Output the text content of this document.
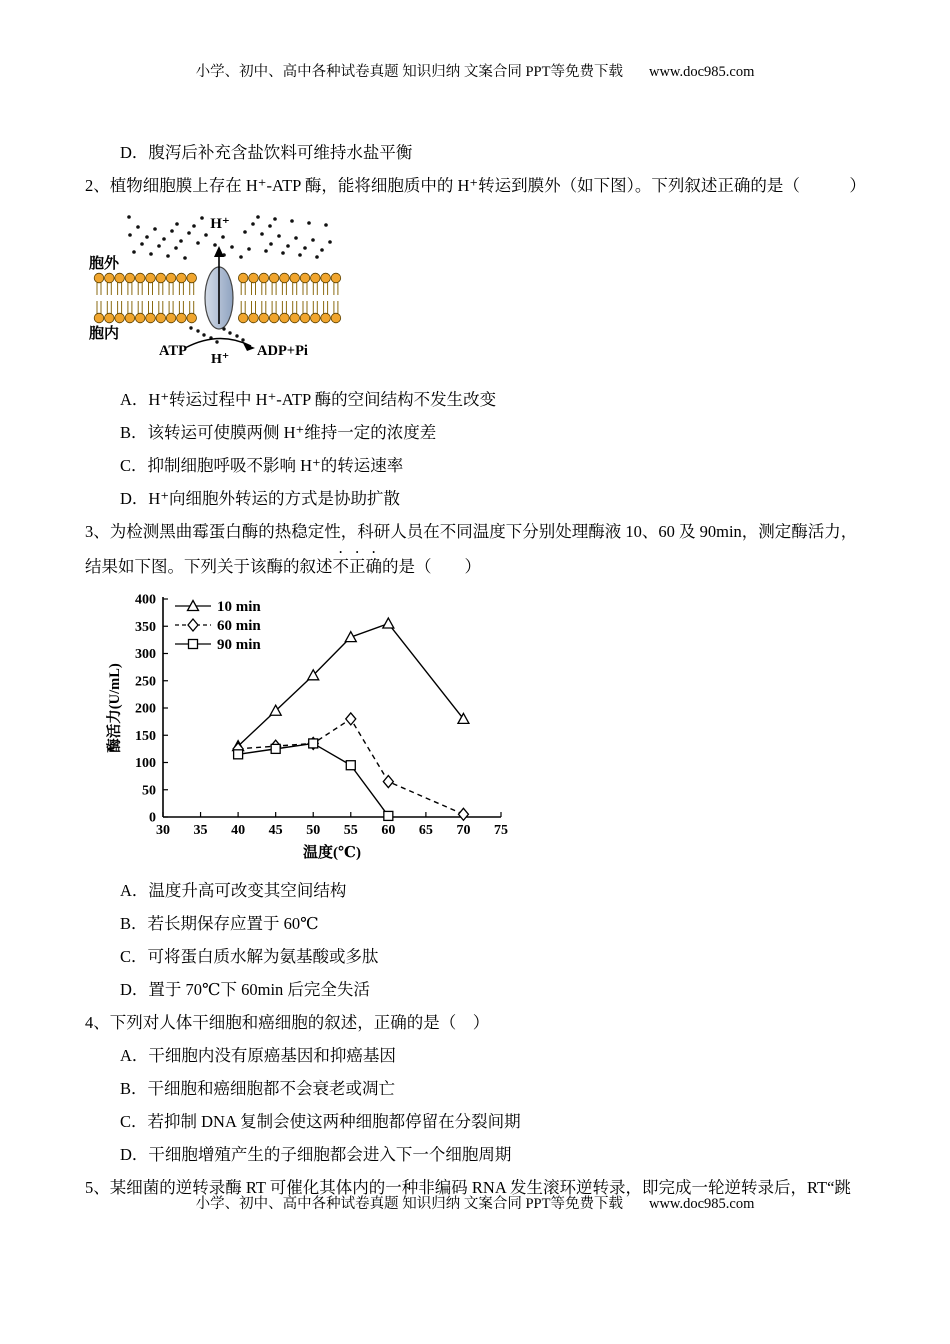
小学、初中、高中各种试卷真题 知识归纳 文案合同 PPT等免费下载 www.doc985.com
D．腹泻后补充含盐饮料可维持水盐平衡
2、植物细胞膜上存在 H⁺-ATP 酶，能将细胞质中的 H⁺转运到膜外（如下图）。下列叙述正确的是（　　　）
H⁺
胞外
胞内
ATP
H⁺
ADP+Pi
A．H⁺转运过程中 H⁺-ATP 酶的空间结构不发生改变
B．该转运可使膜两侧 H⁺维持一定的浓度差
C．抑制细胞呼吸不影响 H⁺的转运速率
D．H⁺向细胞外转运的方式是协助扩散
3、为检测黑曲霉蛋白酶的热稳定性，科研人员在不同温度下分别处理酶液 10、60 及 90min，测定酶活力，
结果如下图。下列关于该酶的叙述不正确的是（　　）
0
50
100
150
200
250
300
350
400
30 35 40 45 50 55 60 65 70 75
酶活力(U/mL)
温度(℃)
10 min
60 min
90 min
A．温度升高可改变其空间结构
B．若长期保存应置于 60℃
C．可将蛋白质水解为氨基酸或多肽
D．置于 70℃下 60min 后完全失活
4、下列对人体干细胞和癌细胞的叙述，正确的是（　）
A．干细胞内没有原癌基因和抑癌基因
B．干细胞和癌细胞都不会衰老或凋亡
C．若抑制 DNA 复制会使这两种细胞都停留在分裂间期
D．干细胞增殖产生的子细胞都会进入下一个细胞周期
5、某细菌的逆转录酶 RT 可催化其体内的一种非编码 RNA 发生滚环逆转录，即完成一轮逆转录后，RT“跳
小学、初中、高中各种试卷真题 知识归纳 文案合同 PPT等免费下载 www.doc985.com
